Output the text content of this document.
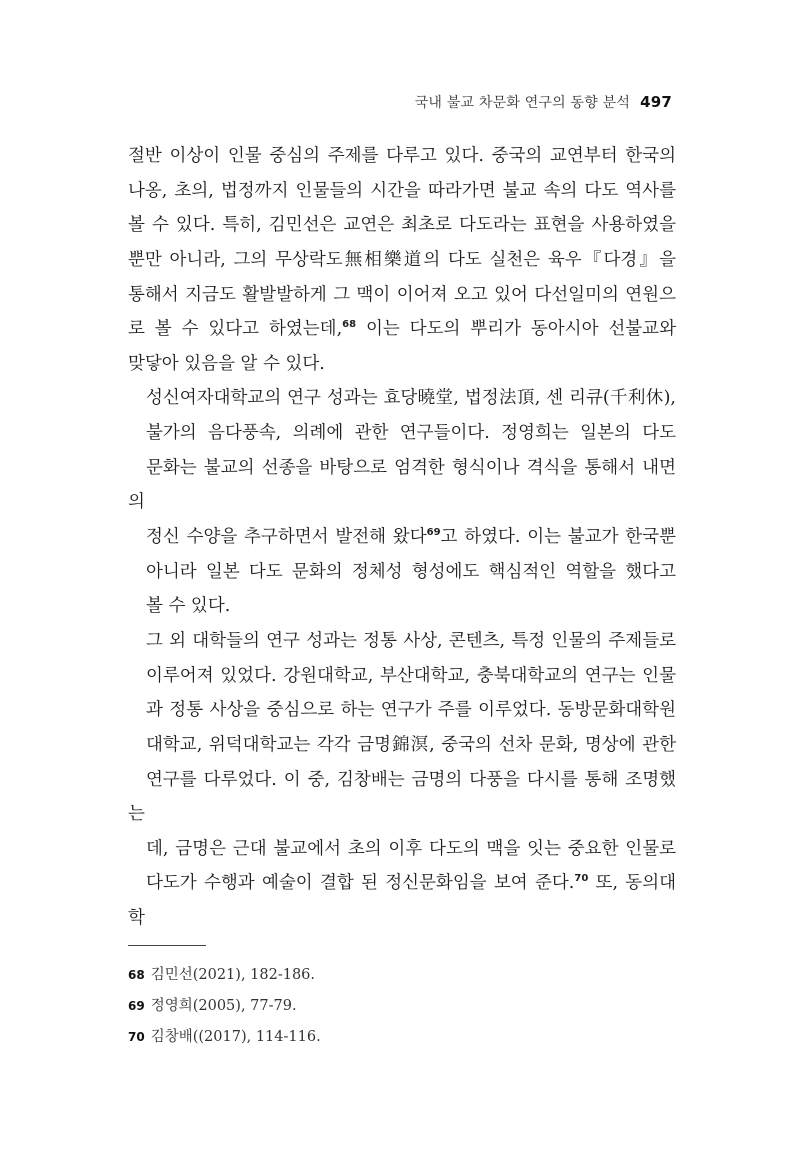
국내 불교 차문화 연구의 동향 분석 497

절반 이상이 인물 중심의 주제를 다루고 있다. 중국의 교연부터 한국의
나옹, 초의, 법정까지 인물들의 시간을 따라가면 불교 속의 다도 역사를
볼 수 있다. 특히, 김민선은 교연은 최초로 다도라는 표현을 사용하였을
뿐만 아니라, 그의 무상락도無相樂道의 다도 실천은 육우『다경』을
통해서 지금도 활발발하게 그 맥이 이어져 오고 있어 다선일미의 연원으
로 볼 수 있다고 하였는데,$^{68}$ 이는 다도의 뿌리가 동아시아 선불교와
맞닿아 있음을 알 수 있다.

성신여자대학교의 연구 성과는 효당曉堂, 법정法頂, 센 리큐(千利休),
불가의 음다풍속, 의례에 관한 연구들이다. 정영희는 일본의 다도
문화는 불교의 선종을 바탕으로 엄격한 형식이나 격식을 통해서 내면의
정신 수양을 추구하면서 발전해 왔다$^{69}$고 하였다. 이는 불교가 한국뿐
아니라 일본 다도 문화의 정체성 형성에도 핵심적인 역할을 했다고
볼 수 있다.

그 외 대학들의 연구 성과는 정통 사상, 콘텐츠, 특정 인물의 주제들로
이루어져 있었다. 강원대학교, 부산대학교, 충북대학교의 연구는 인물
과 정통 사상을 중심으로 하는 연구가 주를 이루었다. 동방문화대학원
대학교, 위덕대학교는 각각 금명錦溟, 중국의 선차 문화, 명상에 관한
연구를 다루었다. 이 중, 김창배는 금명의 다풍을 다시를 통해 조명했는
데, 금명은 근대 불교에서 초의 이후 다도의 맥을 잇는 중요한 인물로
다도가 수행과 예술이 결합 된 정신문화임을 보여 준다.$^{70}$ 또, 동의대학

68 김민선(2021), 182-186.
69 정영희(2005), 77-79.
70 김창배((2017), 114-116.
